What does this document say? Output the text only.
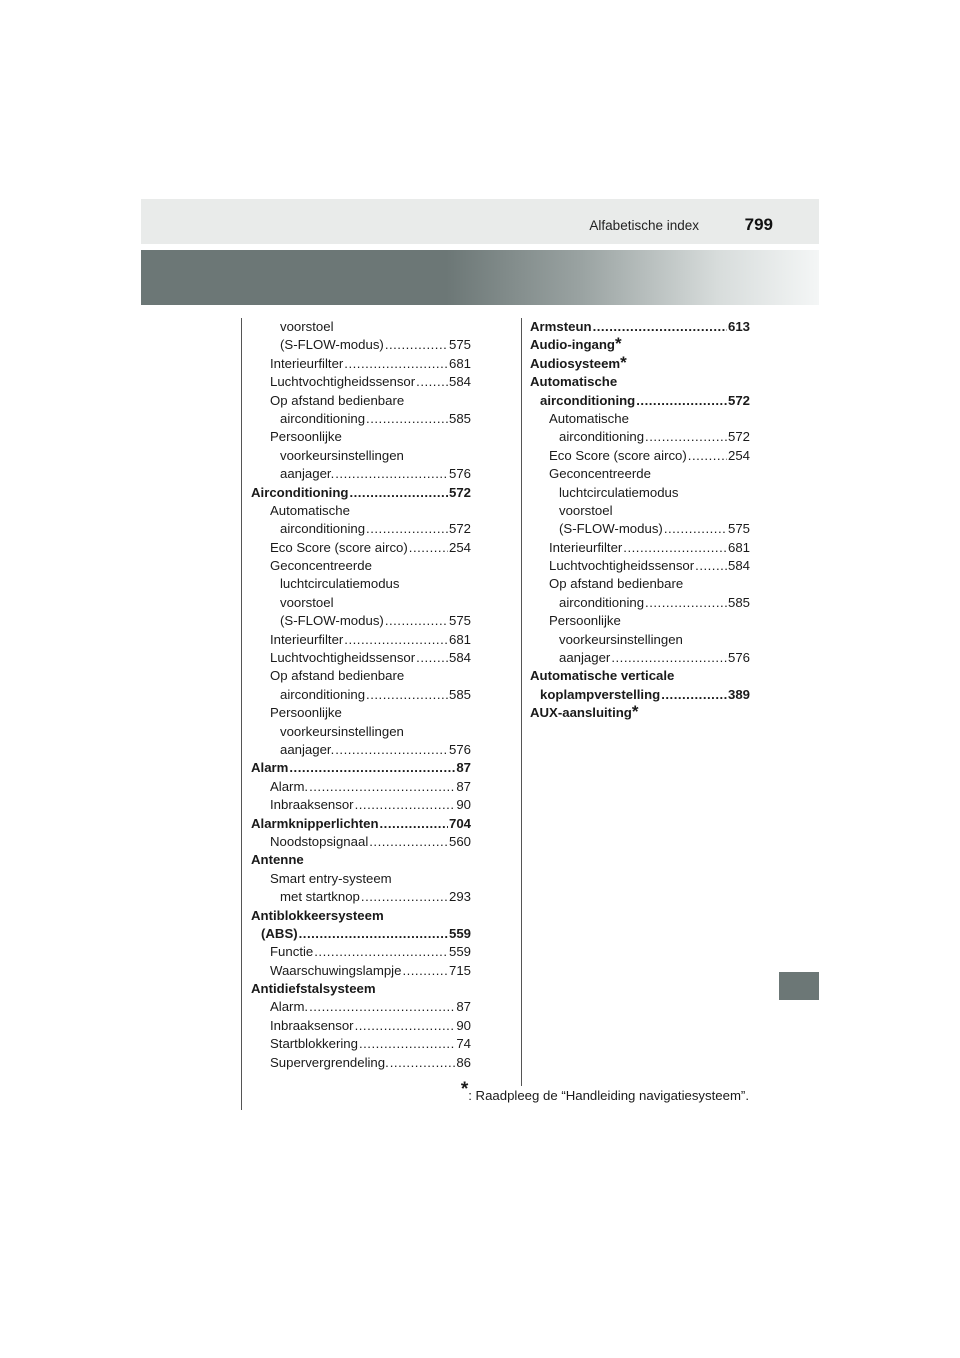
Alfabetische index	799
voorstoel
(S-FLOW-modus) .....	575
Interieurfilter .....	681
Luchtvochtigheidssensor .....	584
Op afstand bedienbare
airconditioning .....	585
Persoonlijke
voorkeursinstellingen
aanjager. .....	576
Airconditioning .....	572
Automatische
airconditioning .....	572
Eco Score (score airco) .....	254
Geconcentreerde
luchtcirculatiemodus
voorstoel
(S-FLOW-modus) .....	575
Interieurfilter .....	681
Luchtvochtigheidssensor .....	584
Op afstand bedienbare
airconditioning .....	585
Persoonlijke
voorkeursinstellingen
aanjager. .....	576
Alarm .....	87
Alarm. .....	87
Inbraaksensor .....	90
Alarmknipperlichten .....	704
Noodstopsignaal .....	560
Antenne
Smart entry-systeem
met startknop .....	293
Antiblokkeersysteem
(ABS) .....	559
Functie .....	559
Waarschuwingslampje .....	715
Antidiefstalsysteem
Alarm. .....	87
Inbraaksensor .....	90
Startblokkering .....	74
Supervergrendeling. .....	86
Armsteun .....	613
Audio-ingang *
Audiosysteem *
Automatische
airconditioning .....	572
Automatische
airconditioning .....	572
Eco Score (score airco) .....	254
Geconcentreerde
luchtcirculatiemodus
voorstoel
(S-FLOW-modus) .....	575
Interieurfilter .....	681
Luchtvochtigheidssensor .....	584
Op afstand bedienbare
airconditioning .....	585
Persoonlijke
voorkeursinstellingen
aanjager .....	576
Automatische verticale
koplampverstelling .....	389
AUX-aansluiting *
*: Raadpleeg de “Handleiding navigatiesysteem”.
